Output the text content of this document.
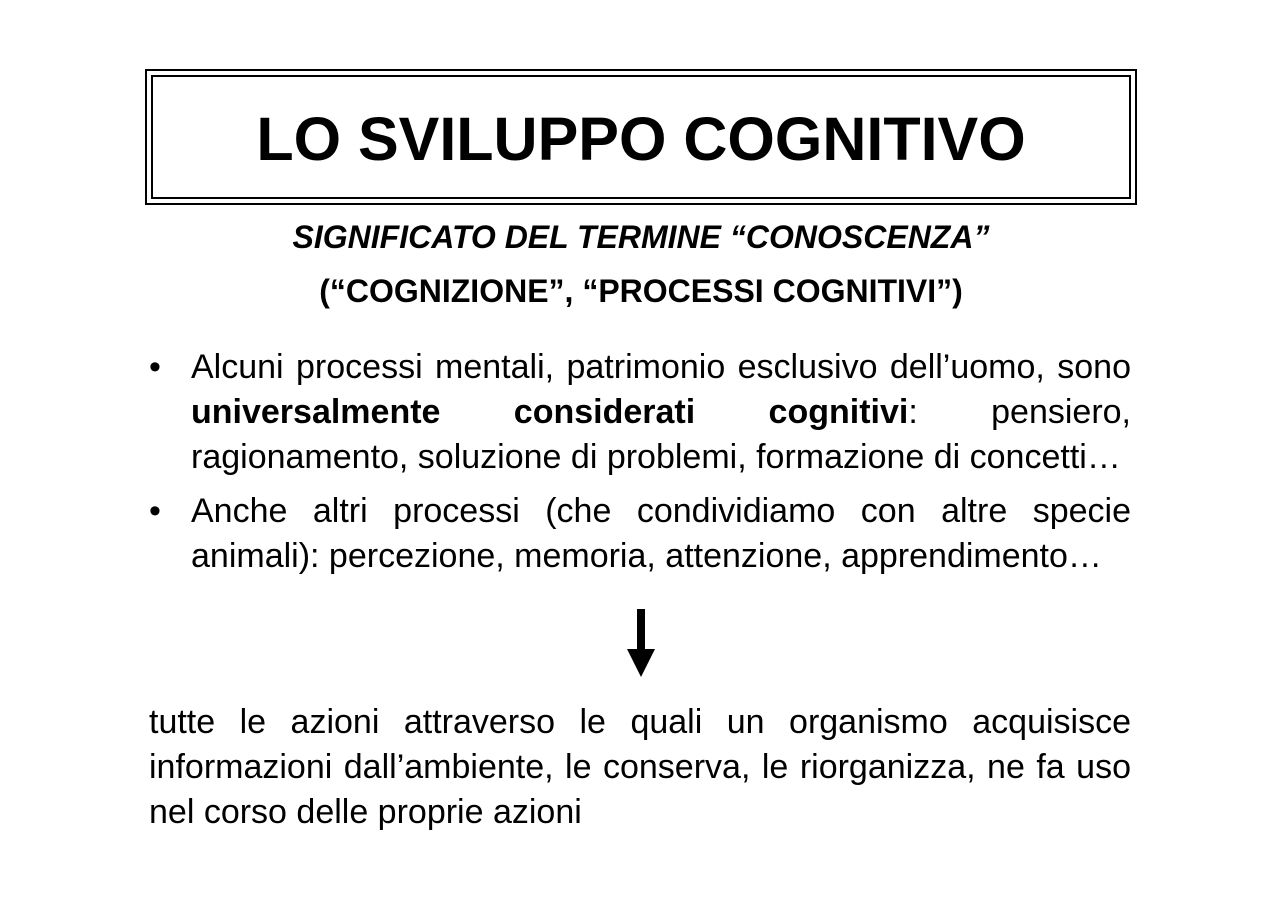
LO SVILUPPO COGNITIVO
SIGNIFICATO DEL TERMINE “CONOSCENZA”
(“COGNIZIONE”, “PROCESSI COGNITIVI”)
• Alcuni processi mentali, patrimonio esclusivo dell’uomo, sono universalmente considerati cognitivi: pensiero, ragionamento, soluzione di problemi, formazione di concetti…
• Anche altri processi (che condividiamo con altre specie animali): percezione, memoria, attenzione, apprendimento…

tutte le azioni attraverso le quali un organismo acquisisce informazioni dall’ambiente, le conserva, le riorganizza, ne fa uso nel corso delle proprie azioni
